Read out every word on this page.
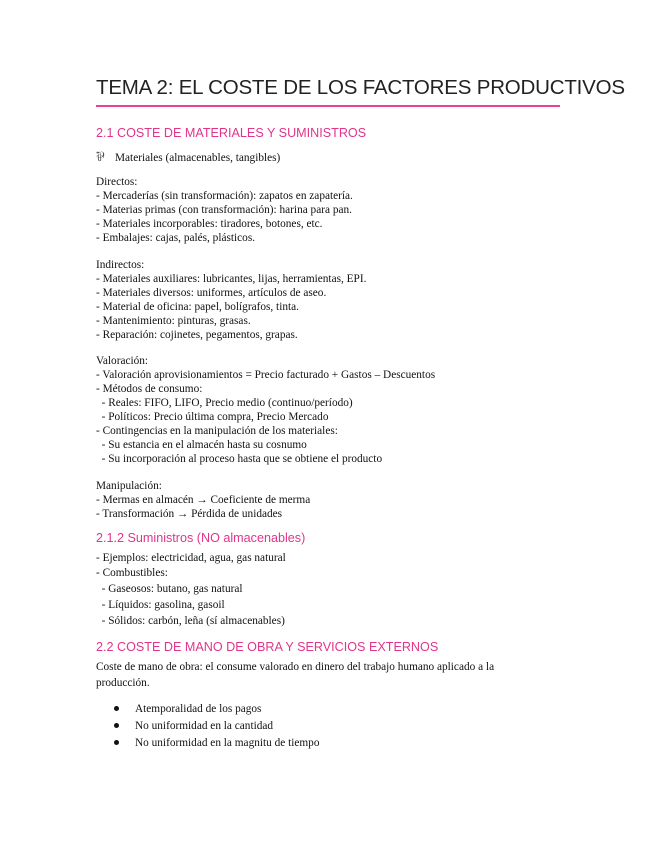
TEMA 2: EL COSTE DE LOS FACTORES PRODUCTIVOS
2.1 COSTE DE MATERIALES Y SUMINISTROS
⅌ Materiales (almacenables, tangibles)
Directos:
- Mercaderías (sin transformación): zapatos en zapatería.
- Materias primas (con transformación): harina para pan.
- Materiales incorporables: tiradores, botones, etc.
- Embalajes: cajas, palés, plásticos.
Indirectos:
- Materiales auxiliares: lubricantes, lijas, herramientas, EPI.
- Materiales diversos: uniformes, artículos de aseo.
- Material de oficina: papel, bolígrafos, tinta.
- Mantenimiento: pinturas, grasas.
- Reparación: cojinetes, pegamentos, grapas.
Valoración:
- Valoración aprovisionamientos = Precio facturado + Gastos – Descuentos
- Métodos de consumo:
- Reales: FIFO, LIFO, Precio medio (continuo/período)
- Políticos: Precio última compra, Precio Mercado
- Contingencias en la manipulación de los materiales:
- Su estancia en el almacén hasta su cosnumo
- Su incorporación al proceso hasta que se obtiene el producto
Manipulación:
- Mermas en almacén → Coeficiente de merma
- Transformación → Pérdida de unidades
2.1.2 Suministros (NO almacenables)
- Ejemplos: electricidad, agua, gas natural
- Combustibles:
- Gaseosos: butano, gas natural
- Líquidos: gasolina, gasoil
- Sólidos: carbón, leña (sí almacenables)
2.2 COSTE DE MANO DE OBRA Y SERVICIOS EXTERNOS
Coste de mano de obra: el consume valorado en dinero del trabajo humano aplicado a la
producción.
Atemporalidad de los pagos
No uniformidad en la cantidad
No uniformidad en la magnitu de tiempo
